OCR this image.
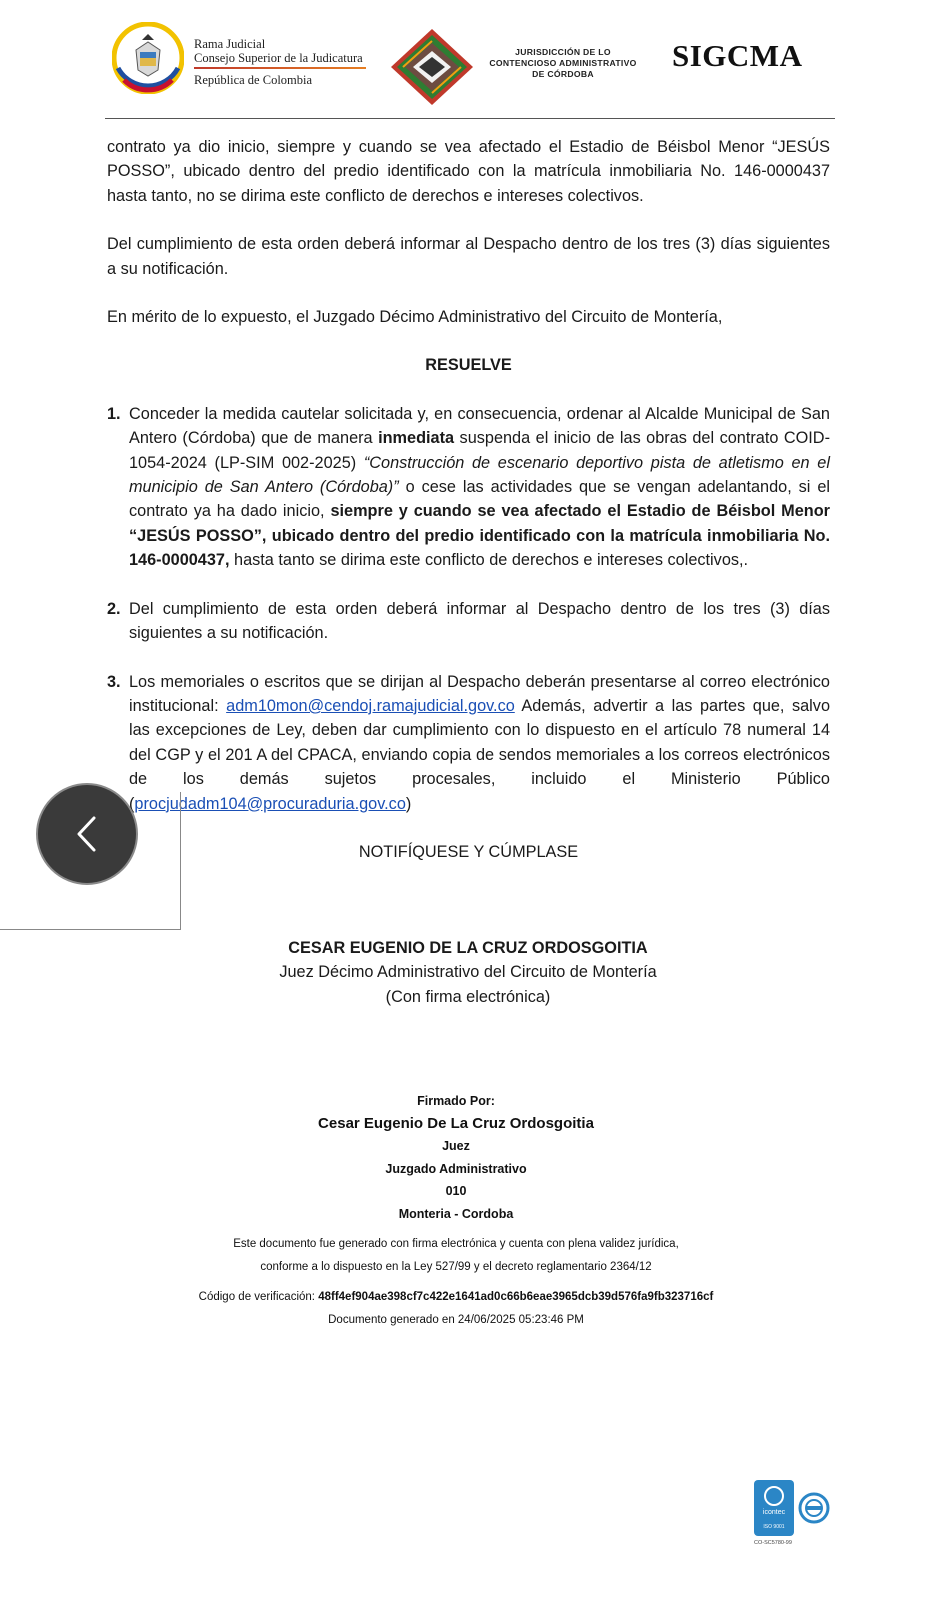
Rama Judicial
Consejo Superior de la Judicatura
República de Colombia
JURISDICCIÓN DE LO
CONTENCIOSO ADMINISTRATIVO
DE CÓRDOBA
SIGCMA

contrato ya dio inicio, siempre y cuando se vea afectado el Estadio de Béisbol Menor “JESÚS POSSO”, ubicado dentro del predio identificado con la matrícula inmobiliaria No. 146-0000437 hasta tanto, no se dirima este conflicto de derechos e intereses colectivos.

Del cumplimiento de esta orden deberá informar al Despacho dentro de los tres (3) días siguientes a su notificación.

En mérito de lo expuesto, el Juzgado Décimo Administrativo del Circuito de Montería,

RESUELVE

1. Conceder la medida cautelar solicitada y, en consecuencia, ordenar al Alcalde Municipal de San Antero (Córdoba) que de manera inmediata suspenda el inicio de las obras del contrato COID-1054-2024 (LP-SIM 002-2025) “Construcción de escenario deportivo pista de atletismo en el municipio de San Antero (Córdoba)” o cese las actividades que se vengan adelantando, si el contrato ya ha dado inicio, siempre y cuando se vea afectado el Estadio de Béisbol Menor “JESÚS POSSO”, ubicado dentro del predio identificado con la matrícula inmobiliaria No. 146-0000437, hasta tanto se dirima este conflicto de derechos e intereses colectivos,.
2. Del cumplimiento de esta orden deberá informar al Despacho dentro de los tres (3) días siguientes a su notificación.
3. Los memoriales o escritos que se dirijan al Despacho deberán presentarse al correo electrónico institucional: adm10mon@cendoj.ramajudicial.gov.co Además, advertir a las partes que, salvo las excepciones de Ley, deben dar cumplimiento con lo dispuesto en el artículo 78 numeral 14 del CGP y el 201 A del CPACA, enviando copia de sendos memoriales a los correos electrónicos de los demás sujetos procesales, incluido el Ministerio Público (procjudadm104@procuraduria.gov.co)

NOTIFÍQUESE Y CÚMPLASE

CESAR EUGENIO DE LA CRUZ ORDOSGOITIA
Juez Décimo Administrativo del Circuito de Montería
(Con firma electrónica)
Firmado Por:
Cesar Eugenio De La Cruz Ordosgoitia
Juez
Juzgado Administrativo
010
Monteria - Cordoba
Este documento fue generado con firma electrónica y cuenta con plena validez jurídica,
conforme a lo dispuesto en la Ley 527/99 y el decreto reglamentario 2364/12
Código de verificación: 48ff4ef904ae398cf7c422e1641ad0c66b6eae3965dcb39d576fa9fb323716cf
Documento generado en 24/06/2025 05:23:46 PM
icontec
ISO 9001
CO-SC5780-99
